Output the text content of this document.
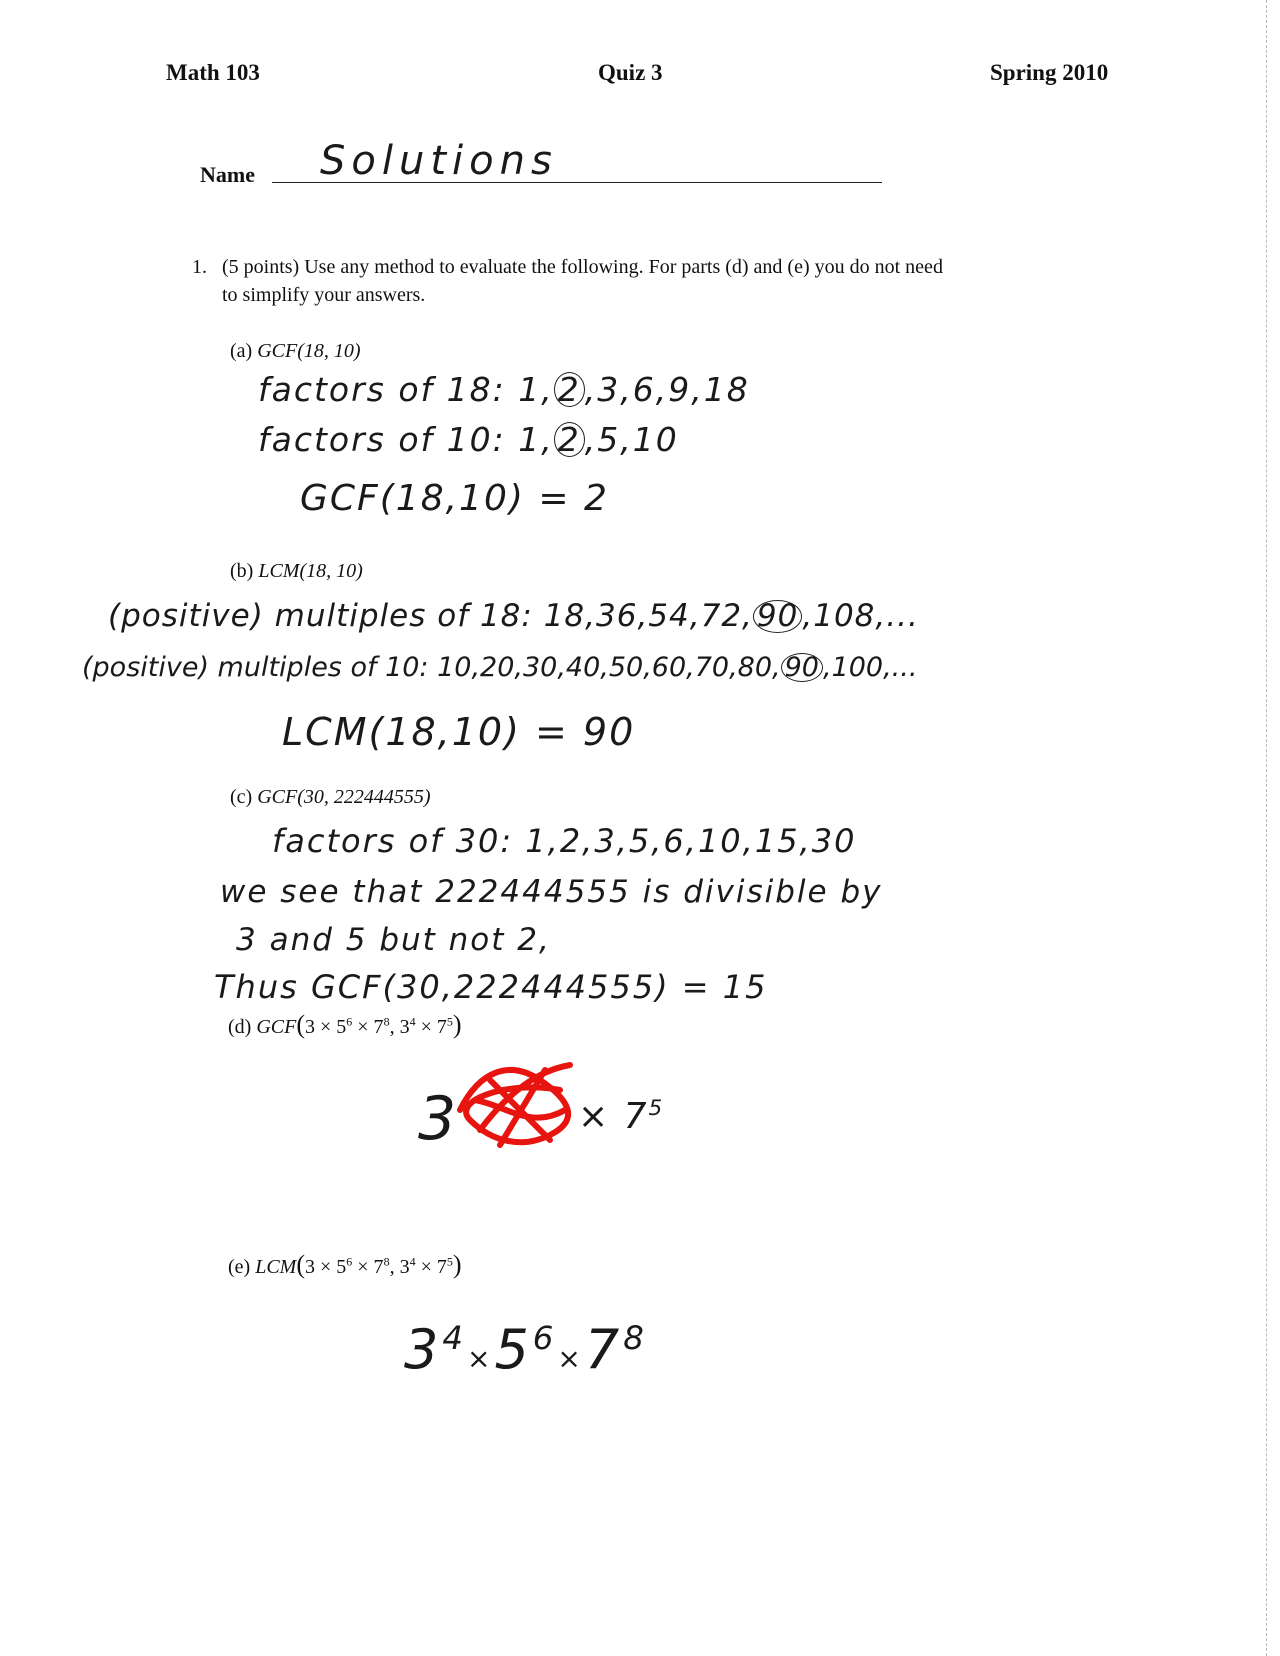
Math 103	Quiz 3	Spring 2010
Name Solutions
1. (5 points) Use any method to evaluate the following. For parts (d) and (e) you do not need
to simplify your answers.
(a) GCF(18, 10)
factors of 18: 1, 2 ,3,6,9,18
factors of 10: 1, 2 ,5,10
GCF(18,10) = 2
(b) LCM(18, 10)
(positive) multiples of 18: 18,36,54,72, 90 ,108,...
(positive) multiples of 10: 10,20,30,40,50,60,70,80, 90 ,100,...
LCM(18,10) = 90
(c) GCF(30, 222444555)
factors of 30: 1,2,3,5,6,10,15,30
we see that 222444555 is divisible by
3 and 5 but not 2,
Thus GCF(30,222444555) = 15
(d) $GCF(3 \times 5^6 \times 7^8$, $3^4 \times 7^5$)
3	× $7^5$
(e) $LCM(3 \times 5^6 \times 7^8$, $3^4 \times 7^5$)
$3^4\times 5^6\times 7^8$
